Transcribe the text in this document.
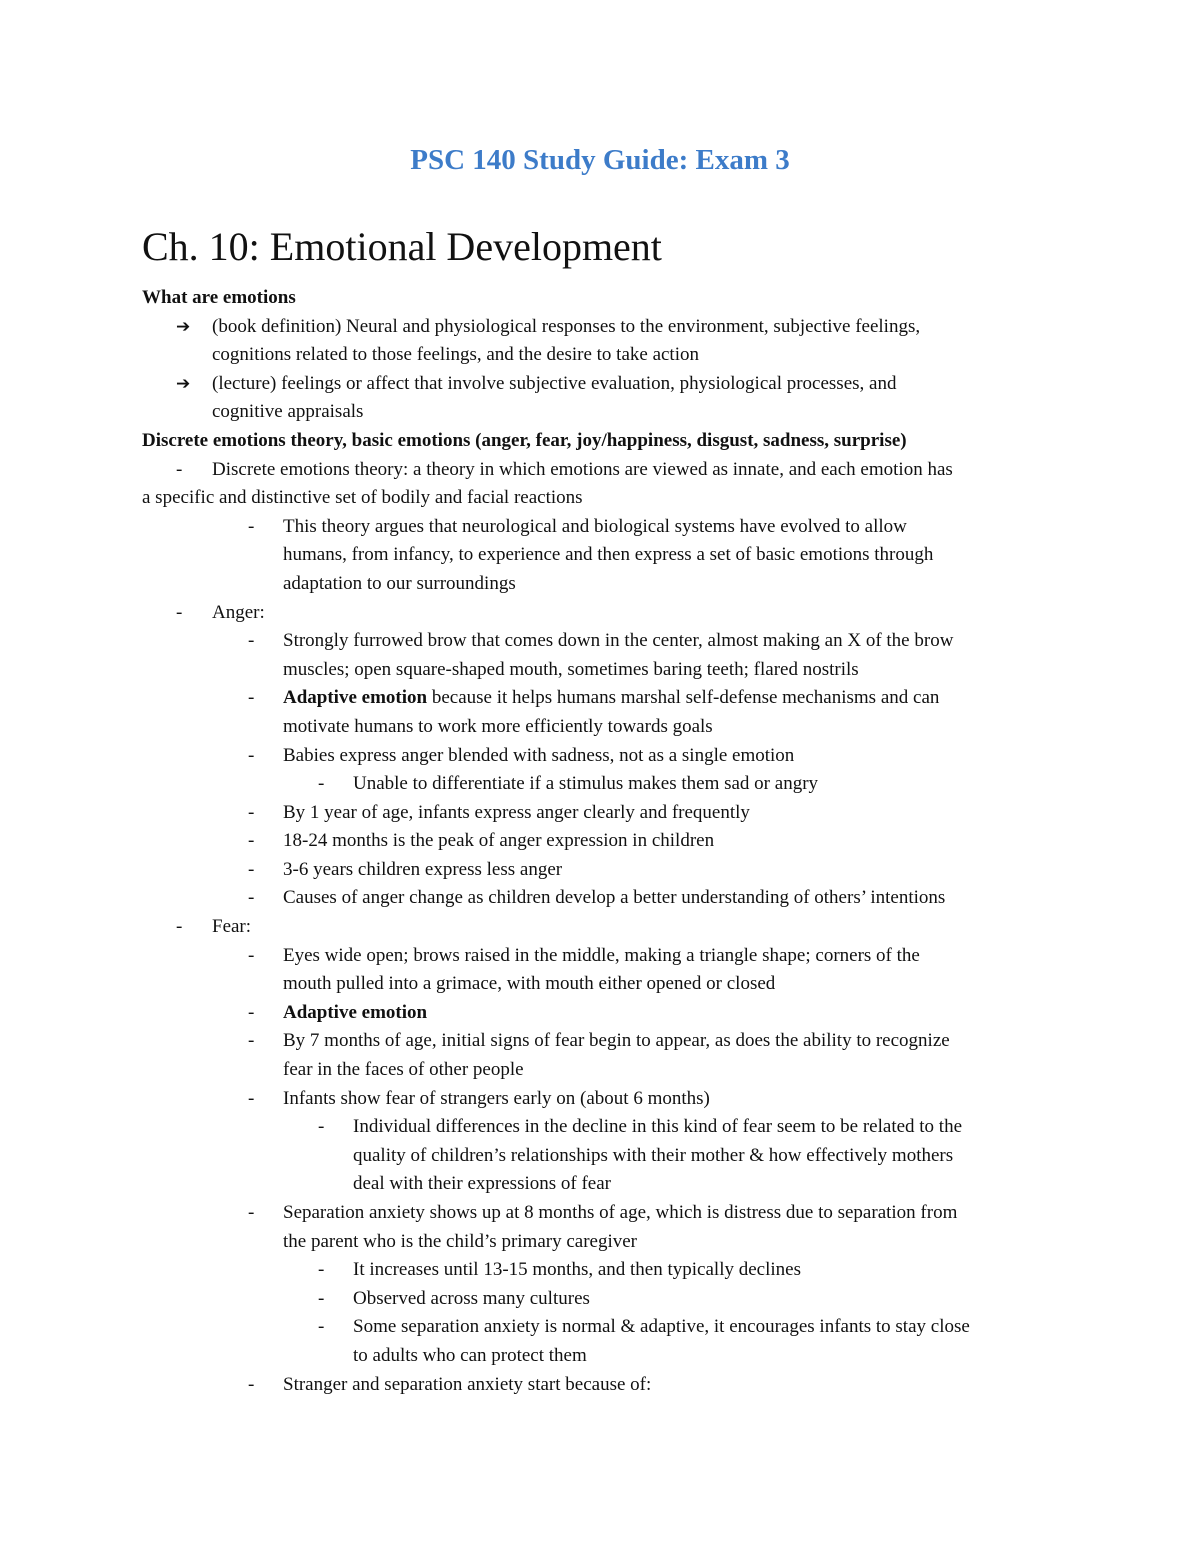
PSC 140 Study Guide: Exam 3
Ch. 10: Emotional Development
What are emotions
➔ (book definition) Neural and physiological responses to the environment, subjective feelings,
cognitions related to those feelings, and the desire to take action
➔ (lecture) feelings or affect that involve subjective evaluation, physiological processes, and
cognitive appraisals
Discrete emotions theory, basic emotions (anger, fear, joy/happiness, disgust, sadness, surprise)
- Discrete emotions theory: a theory in which emotions are viewed as innate, and each emotion has
a specific and distinctive set of bodily and facial reactions
- This theory argues that neurological and biological systems have evolved to allow
humans, from infancy, to experience and then express a set of basic emotions through
adaptation to our surroundings
- Anger:
- Strongly furrowed brow that comes down in the center, almost making an X of the brow
muscles; open square-shaped mouth, sometimes baring teeth; flared nostrils
- Adaptive emotion because it helps humans marshal self-defense mechanisms and can
motivate humans to work more efficiently towards goals
- Babies express anger blended with sadness, not as a single emotion
- Unable to differentiate if a stimulus makes them sad or angry
- By 1 year of age, infants express anger clearly and frequently
- 18-24 months is the peak of anger expression in children
- 3-6 years children express less anger
- Causes of anger change as children develop a better understanding of others’ intentions
- Fear:
- Eyes wide open; brows raised in the middle, making a triangle shape; corners of the
mouth pulled into a grimace, with mouth either opened or closed
- Adaptive emotion
- By 7 months of age, initial signs of fear begin to appear, as does the ability to recognize
fear in the faces of other people
- Infants show fear of strangers early on (about 6 months)
- Individual differences in the decline in this kind of fear seem to be related to the
quality of children’s relationships with their mother & how effectively mothers
deal with their expressions of fear
- Separation anxiety shows up at 8 months of age, which is distress due to separation from
the parent who is the child’s primary caregiver
- It increases until 13-15 months, and then typically declines
- Observed across many cultures
- Some separation anxiety is normal & adaptive, it encourages infants to stay close
to adults who can protect them
- Stranger and separation anxiety start because of:
